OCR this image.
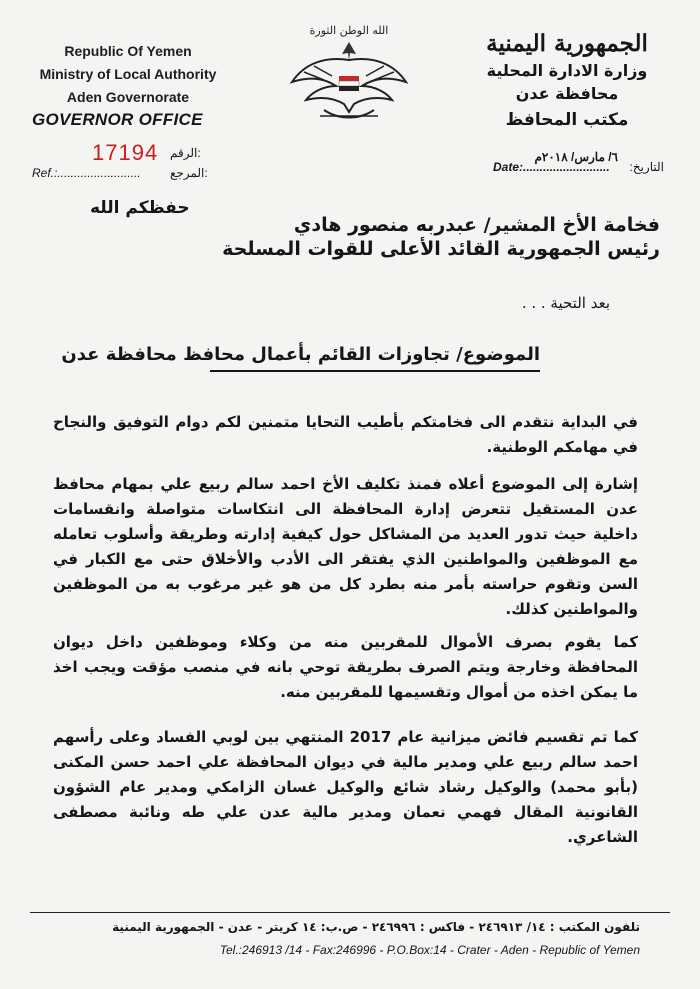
Republic Of Yemen
Ministry of Local Authority
Aden Governorate
GOVERNOR OFFICE
الله الوطن الثورة	الجمهورية اليمنية
وزارة الادارة المحلية
محافظة عدن
مكتب المحافظ
الرقم:
17194
Ref.:......................... المرجع:	Date:.......................... التاريخ:
٦/ مارس/ ٢٠١٨م
فخامة الأخ المشير/ عبدربه منصور هادي
حفظكم الله
رئيس الجمهورية القائد الأعلى للقوات المسلحة
بعد التحية . . .
الموضوع/ تجاوزات القائم بأعمال محافظ محافظة عدن
في البداية نتقدم الى فخامتكم بأطيب التحايا متمنين لكم دوام التوفيق والنجاح في مهامكم الوطنية.
إشارة إلى الموضوع أعلاه فمنذ تكليف الأخ احمد سالم ربيع علي بمهام محافظ عدن المستقيل تتعرض إدارة المحافظة الى انتكاسات متواصلة وانقسامات داخلية حيث تدور العديد من المشاكل حول كيفية إدارته وطريقة وأسلوب تعامله مع الموظفين والمواطنين الذي يفتقر الى الأدب والأخلاق حتى مع الكبار في السن وتقوم حراسته بأمر منه بطرد كل من هو غير مرغوب به من الموظفين والمواطنين كذلك.
كما يقوم بصرف الأموال للمقربين منه من وكلاء وموظفين داخل ديوان المحافظة وخارجة ويتم الصرف بطريقة توحي بانه في منصب مؤقت ويجب اخذ ما يمكن اخذه من أموال وتقسيمها للمقربين منه.
كما تم تقسيم فائض ميزانية عام 2017 المنتهي بين لوبي الفساد وعلى رأسهم احمد سالم ربيع علي ومدير مالية في ديوان المحافظة علي احمد حسن المكنى (بأبو محمد) والوكيل رشاد شائع والوكيل غسان الزامكي ومدير عام الشؤون القانونية المقال فهمي نعمان ومدير مالية عدن علي طه ونائبة مصطفى الشاعري.
تلفون المكتب : ١٤/ ٢٤٦٩١٣ - فاكس : ٢٤٦٩٩٦ - ص.ب: ١٤ كريتر - عدن - الجمهورية اليمنية
Tel.:246913 /14 - Fax:246996 - P.O.Box:14 - Crater - Aden - Republic of Yemen
